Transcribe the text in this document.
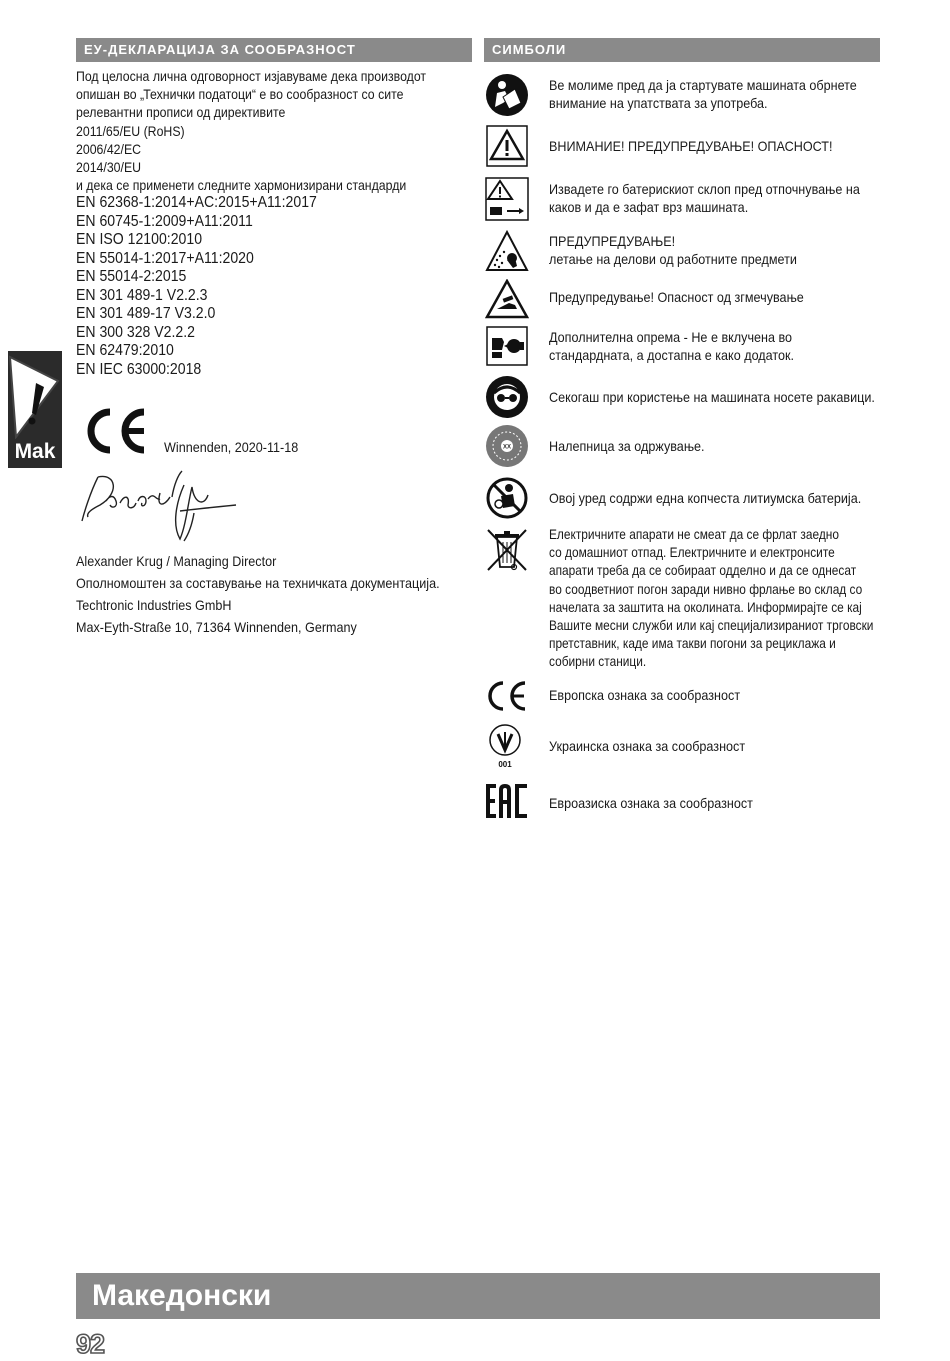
ЕУ-ДЕКЛАРАЦИЈА ЗА СООБРАЗНОСТ
Под целосна лична одговорност изјавуваме дека производот
опишан во „Технички податоци“ е во сообразност со сите
релевантни прописи од директивите
2011/65/EU (RoHS)
2006/42/EC
2014/30/EU
и дека се применети следните хармонизирани стандарди
EN 62368-1:2014+AC:2015+A11:2017
EN 60745-1:2009+A11:2011
EN ISO 12100:2010
EN 55014-1:2017+A11:2020
EN 55014-2:2015
EN 301 489-1 V2.2.3
EN 301 489-17 V3.2.0
EN 300 328 V2.2.2
EN 62479:2010
EN IEC 63000:2018
Winnenden, 2020-11-18
Alexander Krug / Managing Director
Ополномоштен за составување на техничката документација.
Techtronic Industries GmbH
Max-Eyth-Straße 10, 71364 Winnenden, Germany
СИМБОЛИ
Ве молиме пред да ја стартувате машината обрнете
внимание на упатствата за употреба.
ВНИМАНИЕ! ПРЕДУПРЕДУВАЊЕ! ОПАСНОСТ!
Извадете го батерискиот склоп пред отпочнување на
каков и да е зафат врз машината.
ПРЕДУПРЕДУВАЊЕ!
летање на делови од работните предмети
Предупредување! Опасност од згмечување
Дополнителна опрема - Не е вклучена во
стандардната, а достапна е како додаток.
Секогаш при користење на машината носете ракавици.
XX	Налепница за одржување.
Овој уред содржи една копчеста литиумска батерија.
Електричните апарати не смеат да се фрлат заедно
со домашниот отпад. Електричните и електронсите
апарати треба да се собираат одделно и да се однесат
во соодветниот погон заради нивно фрлање во склад со
начелата за заштита на околината. Информирајте се кај
Вашите месни служби или кај специјализираниот трговски
претставник, каде има такви погони за рециклажа и
собирни станици.
Европска ознака за сообразност
001
Украинска ознака за сообразност
Евроазиска ознака за сообразност
Mak
Македонски
92
